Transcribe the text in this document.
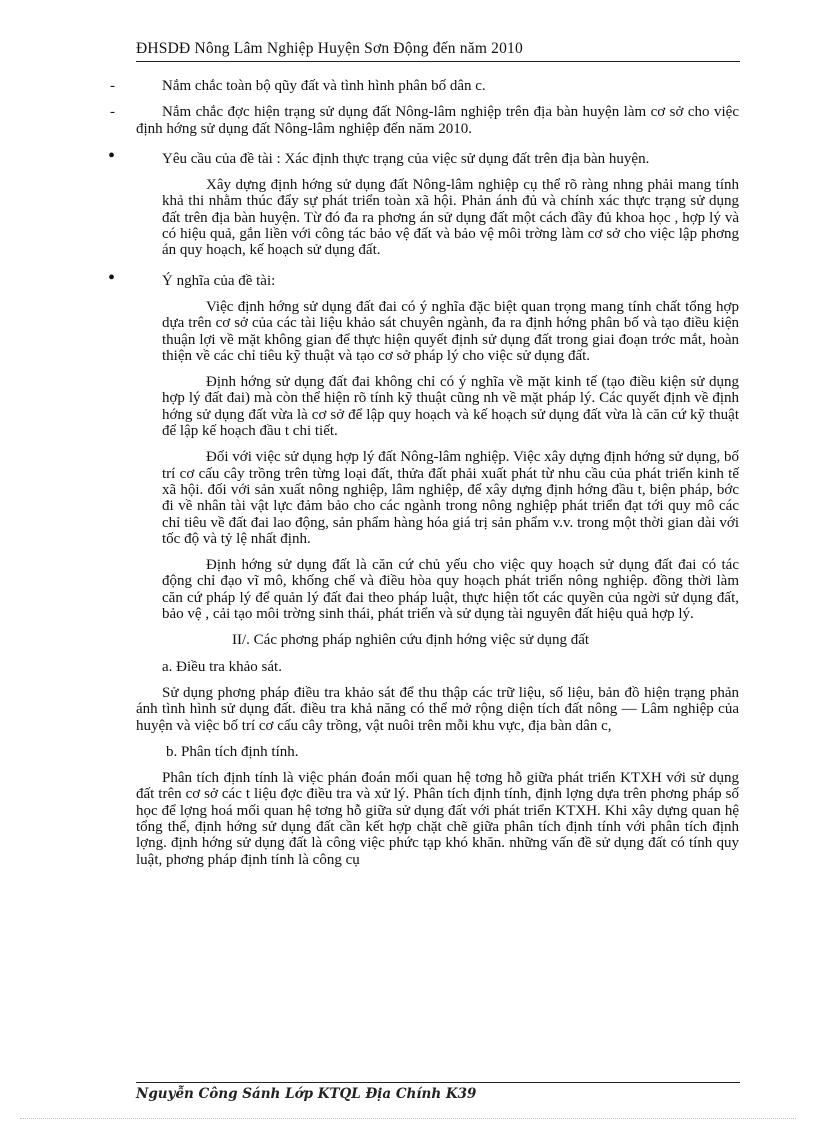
ĐHSDĐ Nông Lâm Nghiệp Huyện Sơn Động đến năm 2010
-	Nắm chắc toàn bộ qũy đất và tình hình phân bố dân c.

-	Nắm chắc đợc hiện trạng sử dụng đất Nông-lâm nghiệp trên địa bàn huyện làm cơ sở cho việc định hớng sử dụng đất Nông-lâm nghiệp đến năm 2010.

•	Yêu cầu của đề tài : Xác định thực trạng của việc sử dụng đất trên địa bàn huyện.

Xây dựng định hớng sử dụng đất Nông-lâm nghiệp cụ thể rõ ràng nhng phải mang tính khả thi nhằm thúc đẩy sự phát triển toàn xã hội. Phản ánh đủ và chính xác thực trạng sử dụng đất trên địa bàn huyện. Từ đó đa ra phơng án sử dụng đất một cách đầy đủ khoa học , hợp lý và có hiệu quả, gắn liền với công tác bảo vệ đất và bảo vệ môi trờng làm cơ sở cho việc lập phơng án quy hoạch, kế hoạch sử dụng đất.

•	Ý nghĩa của đề tài:

Việc định hớng sử dụng đất đai có ý nghĩa đặc biệt quan trọng mang tính chất tổng hợp dựa trên cơ sở của các tài liệu khảo sát chuyên ngành, đa ra định hớng phân bố và tạo điều kiện thuận lợi về mặt không gian để thực hiện quyết định sử dụng đất trong giai đoạn trớc mắt, hoàn thiện về các chỉ tiêu kỹ thuật và tạo cơ sở pháp lý cho việc sử dụng đất.

Định hớng sử dụng đất đai không chỉ có ý nghĩa về mặt kinh tế (tạo điều kiện sử dụng hợp lý đất đai) mà còn thể hiện rõ tính kỹ thuật cũng nh về mặt pháp lý. Các quyết định về định hớng sử dụng đất vừa là cơ sở để lập quy hoạch và kế hoạch sử dụng đất vừa là căn cứ kỹ thuật để lập kế hoạch đầu t chi tiết.

Đối với việc sử dụng hợp lý đất Nông-lâm nghiệp. Việc xây dựng định hớng sử dụng, bố trí cơ cấu cây trồng trên từng loại đất, thửa đất phải xuất phát từ nhu cầu của phát triển kinh tế xã hội. đối với sản xuất nông nghiệp, lâm nghiệp, để xây dựng định hớng đầu t, biện pháp, bớc đi về nhân tài vật lực đảm bảo cho các ngành trong nông nghiệp phát triển đạt tới quy mô các chỉ tiêu về đất đai lao động, sản phẩm hàng hóa giá trị sản phẩm v.v. trong một thời gian dài với tốc độ và tỷ lệ nhất định.

Định hớng sử dụng đất là căn cứ chủ yếu cho việc quy hoạch sử dụng đất đai có tác động chỉ đạo vĩ mô, khống chế và điều hòa quy hoạch phát triển nông nghiệp. đồng thời làm căn cứ pháp lý để quản lý đất đai theo pháp luật, thực hiện tốt các quyền của ngời sử dụng đất, bảo vệ , cải tạo môi trờng sinh thái, phát triển và sử dụng tài nguyên đất hiệu quả hợp lý.

II/. Các phơng pháp nghiên cứu định hớng việc sử dụng đất

a. Điều tra khảo sát.

Sử dụng phơng pháp điều tra khảo sát để thu thập các trữ liệu, số liệu, bản đồ hiện trạng phản ánh tình hình sử dụng đất. điều tra khả năng có thể mở rộng diện tích đất nông — Lâm nghiệp của huyện và việc bố trí cơ cấu cây trồng, vật nuôi trên mỗi khu vực, địa bàn dân c,

b. Phân tích định tính.

Phân tích định tính là việc phán đoán mối quan hệ tơng hỗ giữa phát triển KTXH với sử dụng đất trên cơ sở các t liệu đợc điều tra và xử lý. Phân tích định tính, định lợng dựa trên phơng pháp số học để lợng hoá mối quan hệ tơng hỗ giữa sử dụng đất với phát triển KTXH. Khi xây dựng quan hệ tổng thể, định hớng sử dụng đất cần kết hợp chặt chẽ giữa phân tích định tính với phân tích định lợng. định hớng sử dụng đất là công việc phức tạp khó khăn. những vấn đề sử dụng đất có tính quy luật, phơng pháp định tính là công cụ

Nguyễn Công Sánh Lớp KTQL Địa Chính K39
